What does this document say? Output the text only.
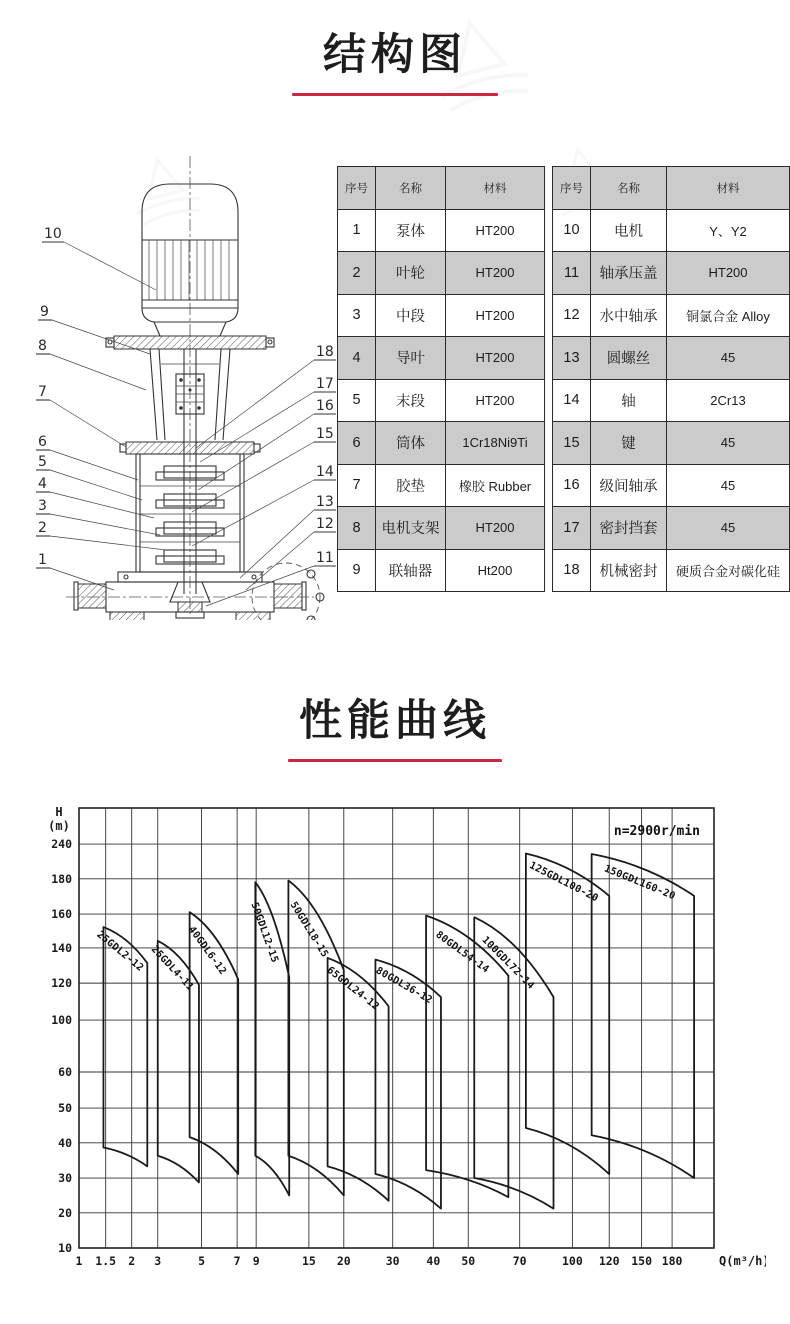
结构图
10
9
8
7
6
5
4
3
2
1
18
17
16
15
14
13
12
11
序号	名称	材料
1	泵体	HT200
2	叶轮	HT200
3	中段	HT200
4	导叶	HT200
5	末段	HT200
6	筒体	1Cr18Ni9Ti
7	胶垫	橡胶 Rubber
8	电机支架	HT200
9	联轴器	Ht200
序号	名称	材料
10	电机	Y、Y2
11	轴承压盖	HT200
12	水中轴承	铜氯合金 Alloy
13	圆螺丝	45
14	轴	2Cr13
15	键	45
16	级间轴承	45
17	密封挡套	45
18	机械密封	硬质合金对碳化硅
性能曲线
1 1.5 2 3	5 7 9	15 20	30 40 50	70	100 120 150 180
10
20
30
40
50
60
100
120
140
160
180
240
H
(m)
Q(m³/h)
n=2900r/min
25GDL2-12 25GDL4-11
40GDL6-12 50GDL12-15 50GDL18-15
65GDL24-12
80GDL36-12
80GDL54-14
100GDL72-14
125GDL100-20 150GDL160-20
